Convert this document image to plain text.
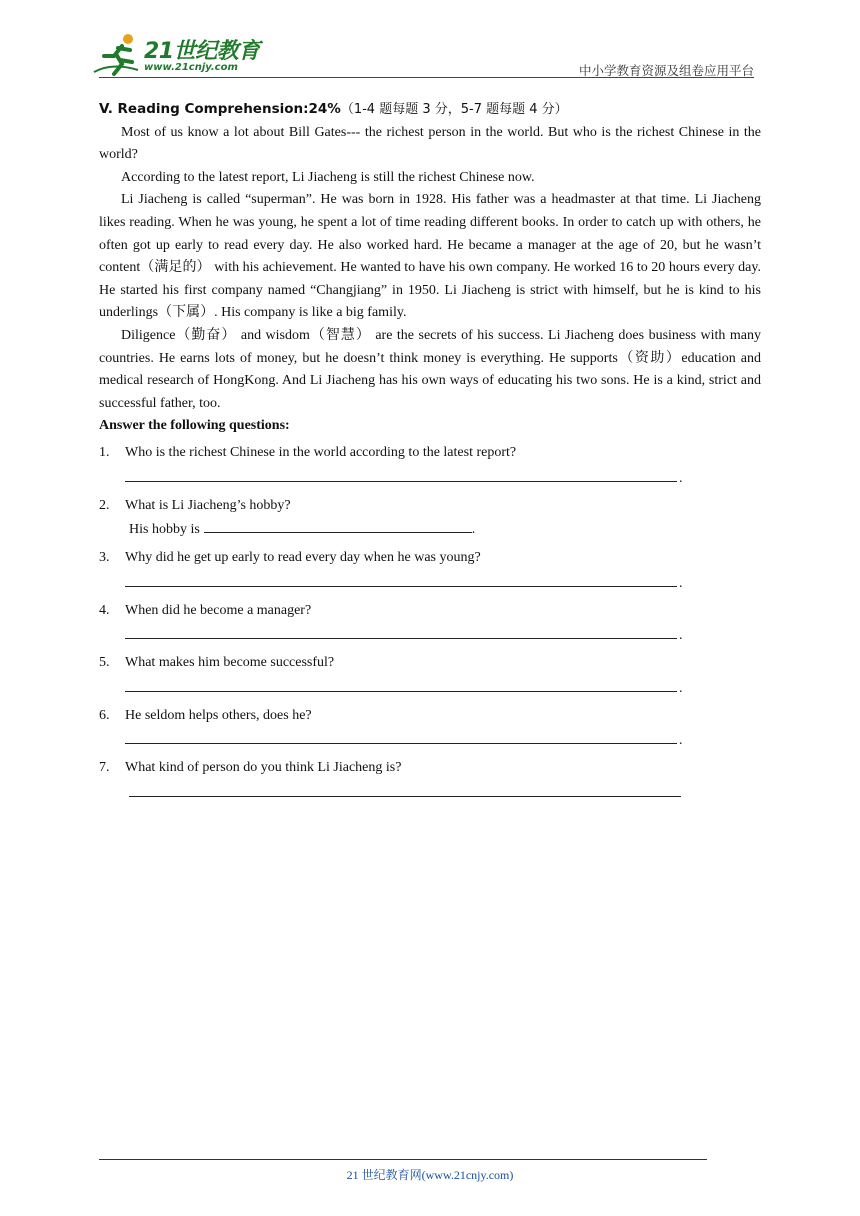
21世纪教育
www.21cnjy.com	中小学教育资源及组卷应用平台
V. Reading Comprehension:24%（1-4 题每题 3 分，5-7 题每题 4 分）

Most of us know a lot about Bill Gates--- the richest person in the world. But who is the richest Chinese in the world?

According to the latest report, Li Jiacheng is still the richest Chinese now.

Li Jiacheng is called “superman”. He was born in 1928. His father was a headmaster at that time. Li Jiacheng likes reading. When he was young, he spent a lot of time reading different books. In order to catch up with others, he often got up early to read every day. He also worked hard. He became a manager at the age of 20, but he wasn’t content（满足的） with his achievement. He wanted to have his own company. He worked 16 to 20 hours every day. He started his first company named “Changjiang” in 1950. Li Jiacheng is strict with himself, but he is kind to his underlings（下属）. His company is like a big family.

Diligence（勤奋） and wisdom（智慧） are the secrets of his success. Li Jiacheng does business with many countries. He earns lots of money, but he doesn’t think money is everything. He supports（资助）education and medical research of HongKong. And Li Jiacheng has his own ways of educating his two sons. He is a kind, strict and successful father, too.

Answer the following questions:
1.	Who is the richest Chinese in the world according to the latest report?
.
2.	What is Li Jiacheng’s hobby?
His hobby is	.
3.	Why did he get up early to read every day when he was young?
.
4.	When did he become a manager?
.
5.	What makes him become successful?
.
6.	He seldom helps others, does he?
.
7.	What kind of person do you think Li Jiacheng is?
21 世纪教育网(www.21cnjy.com)
